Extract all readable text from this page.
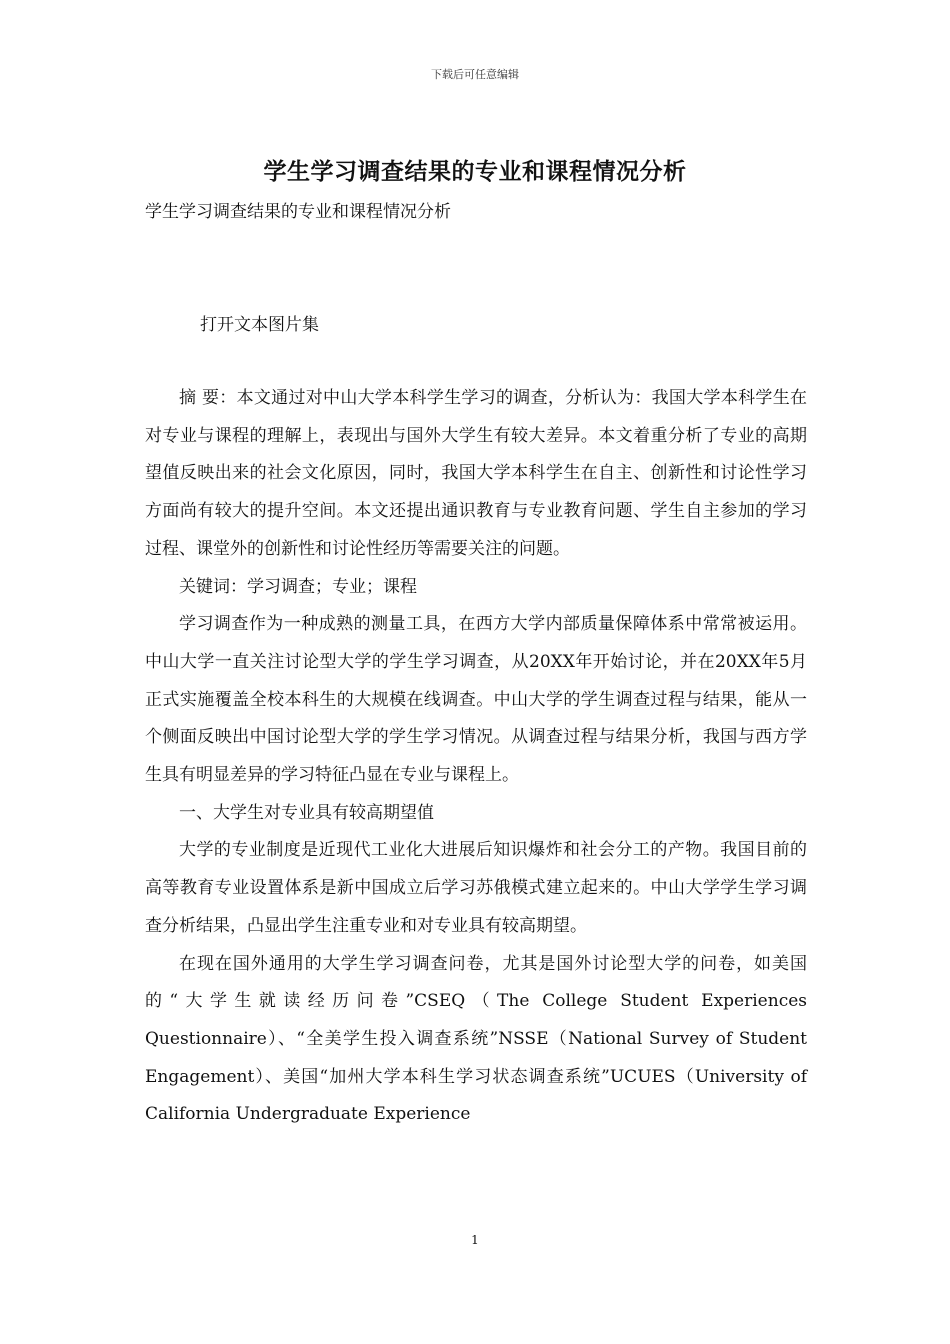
下载后可任意编辑
学生学习调查结果的专业和课程情况分析
学生学习调查结果的专业和课程情况分析
打开文本图片集

摘 要：本文通过对中山大学本科学生学习的调查，分析认为：我国大学本科学生在对专业与课程的理解上，表现出与国外大学生有较大差异。本文着重分析了专业的高期望值反映出来的社会文化原因，同时，我国大学本科学生在自主、创新性和讨论性学习方面尚有较大的提升空间。本文还提出通识教育与专业教育问题、学生自主参加的学习过程、课堂外的创新性和讨论性经历等需要关注的问题。

关键词：学习调查；专业；课程

学习调查作为一种成熟的测量工具，在西方大学内部质量保障体系中常常被运用。中山大学一直关注讨论型大学的学生学习调查，从20XX年开始讨论，并在20XX年5月正式实施覆盖全校本科生的大规模在线调查。中山大学的学生调查过程与结果，能从一个侧面反映出中国讨论型大学的学生学习情况。从调查过程与结果分析，我国与西方学生具有明显差异的学习特征凸显在专业与课程上。

一、大学生对专业具有较高期望值

大学的专业制度是近现代工业化大进展后知识爆炸和社会分工的产物。我国目前的高等教育专业设置体系是新中国成立后学习苏俄模式建立起来的。中山大学学生学习调查分析结果，凸显出学生注重专业和对专业具有较高期望。

在现在国外通用的大学生学习调查问卷，尤其是国外讨论型大学的问卷，如美国的“大学生就读经历问卷”CSEQ（The College Student Experiences Questionnaire）、“全美学生投入调查系统”NSSE（National Survey of Student Engagement）、美国“加州大学本科生学习状态调查系统”UCUES（University of California Undergraduate Experience

1
